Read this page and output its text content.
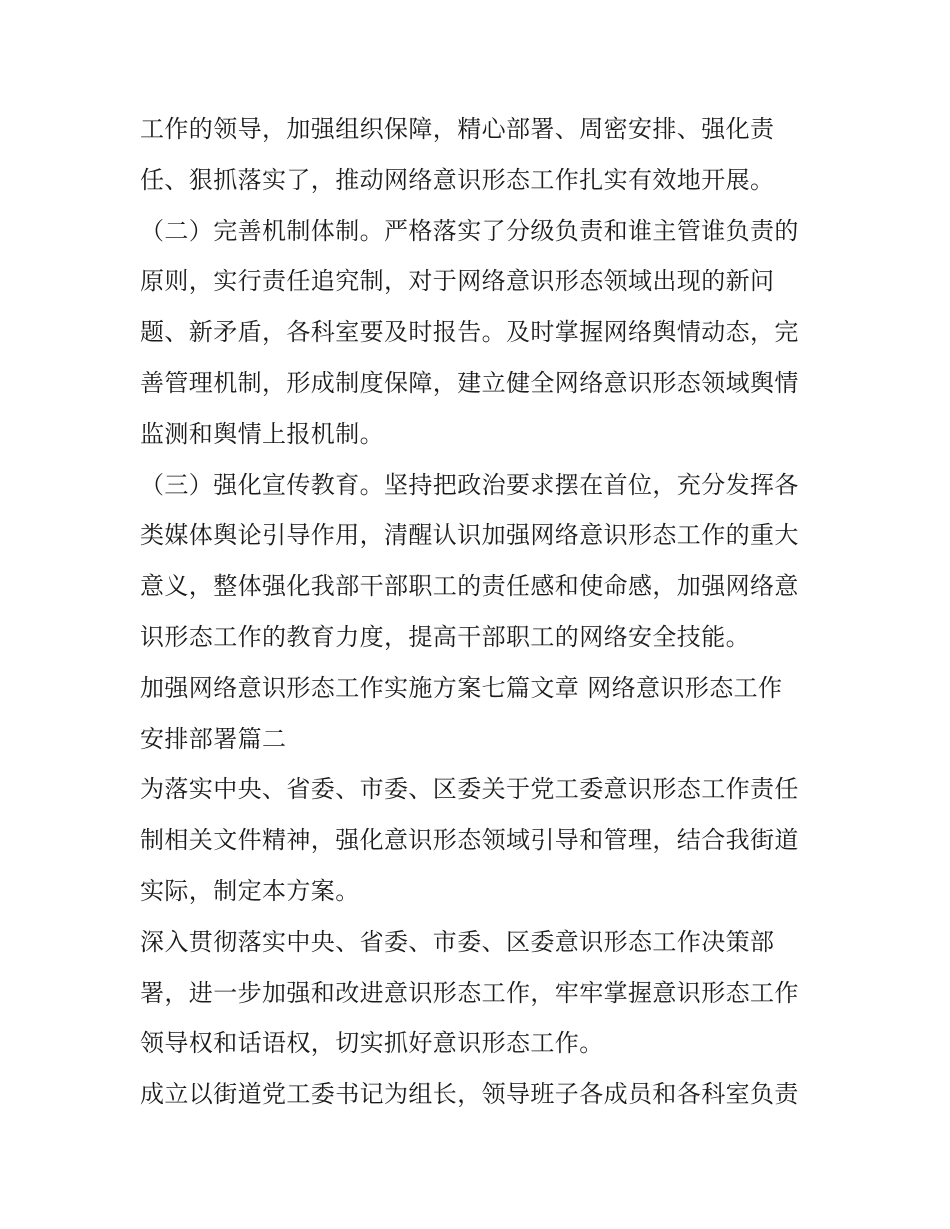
工作的领导，加强组织保障，精心部署、周密安排、强化责
任、狠抓落实了，推动网络意识形态工作扎实有效地开展。
（二）完善机制体制。严格落实了分级负责和谁主管谁负责的
原则，实行责任追究制，对于网络意识形态领域出现的新问
题、新矛盾，各科室要及时报告。及时掌握网络舆情动态，完
善管理机制，形成制度保障，建立健全网络意识形态领域舆情
监测和舆情上报机制。
（三）强化宣传教育。坚持把政治要求摆在首位，充分发挥各
类媒体舆论引导作用，清醒认识加强网络意识形态工作的重大
意义，整体强化我部干部职工的责任感和使命感，加强网络意
识形态工作的教育力度，提高干部职工的网络安全技能。
加强网络意识形态工作实施方案七篇文章 网络意识形态工作
安排部署篇二
为落实中央、省委、市委、区委关于党工委意识形态工作责任
制相关文件精神，强化意识形态领域引导和管理，结合我街道
实际，制定本方案。
深入贯彻落实中央、省委、市委、区委意识形态工作决策部
署，进一步加强和改进意识形态工作，牢牢掌握意识形态工作
领导权和话语权，切实抓好意识形态工作。
成立以街道党工委书记为组长，领导班子各成员和各科室负责
